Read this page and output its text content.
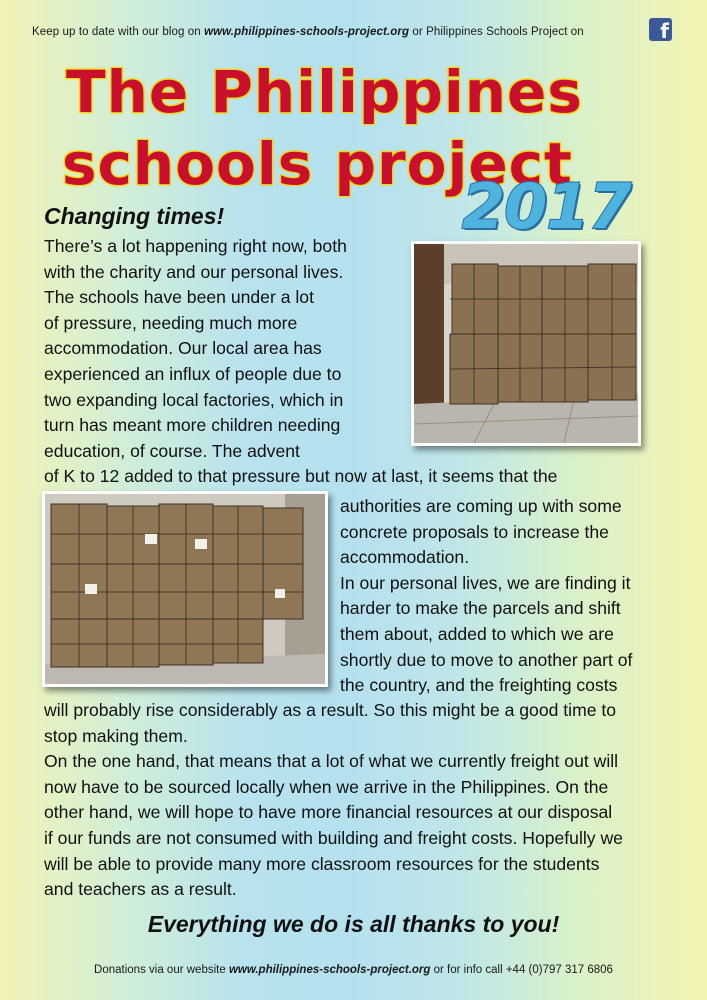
Keep up to date with our blog on www.philippines-schools-project.org or Philippines Schools Project on	f
The Philippines
schools project
2017
Changing times!
There’s a lot happening right now, both
with the charity and our personal lives.
The schools have been under a lot
of pressure, needing much more
accommodation. Our local area has
experienced an influx of people due to
two expanding local factories, which in
turn has meant more children needing
education, of course. The advent
of K to 12 added to that pressure but now at last, it seems that the
authorities are coming up with some
concrete proposals to increase the
accommodation.
In our personal lives, we are finding it
harder to make the parcels and shift
them about, added to which we are
shortly due to move to another part of
the country, and the freighting costs
will probably rise considerably as a result. So this might be a good time to
stop making them.
On the one hand, that means that a lot of what we currently freight out will
now have to be sourced locally when we arrive in the Philippines. On the
other hand, we will hope to have more financial resources at our disposal
if our funds are not consumed with building and freight costs. Hopefully we
will be able to provide many more classroom resources for the students
and teachers as a result.
Everything we do is all thanks to you!
Donations via our website www.philippines-schools-project.org or for info call +44 (0)797 317 6806
